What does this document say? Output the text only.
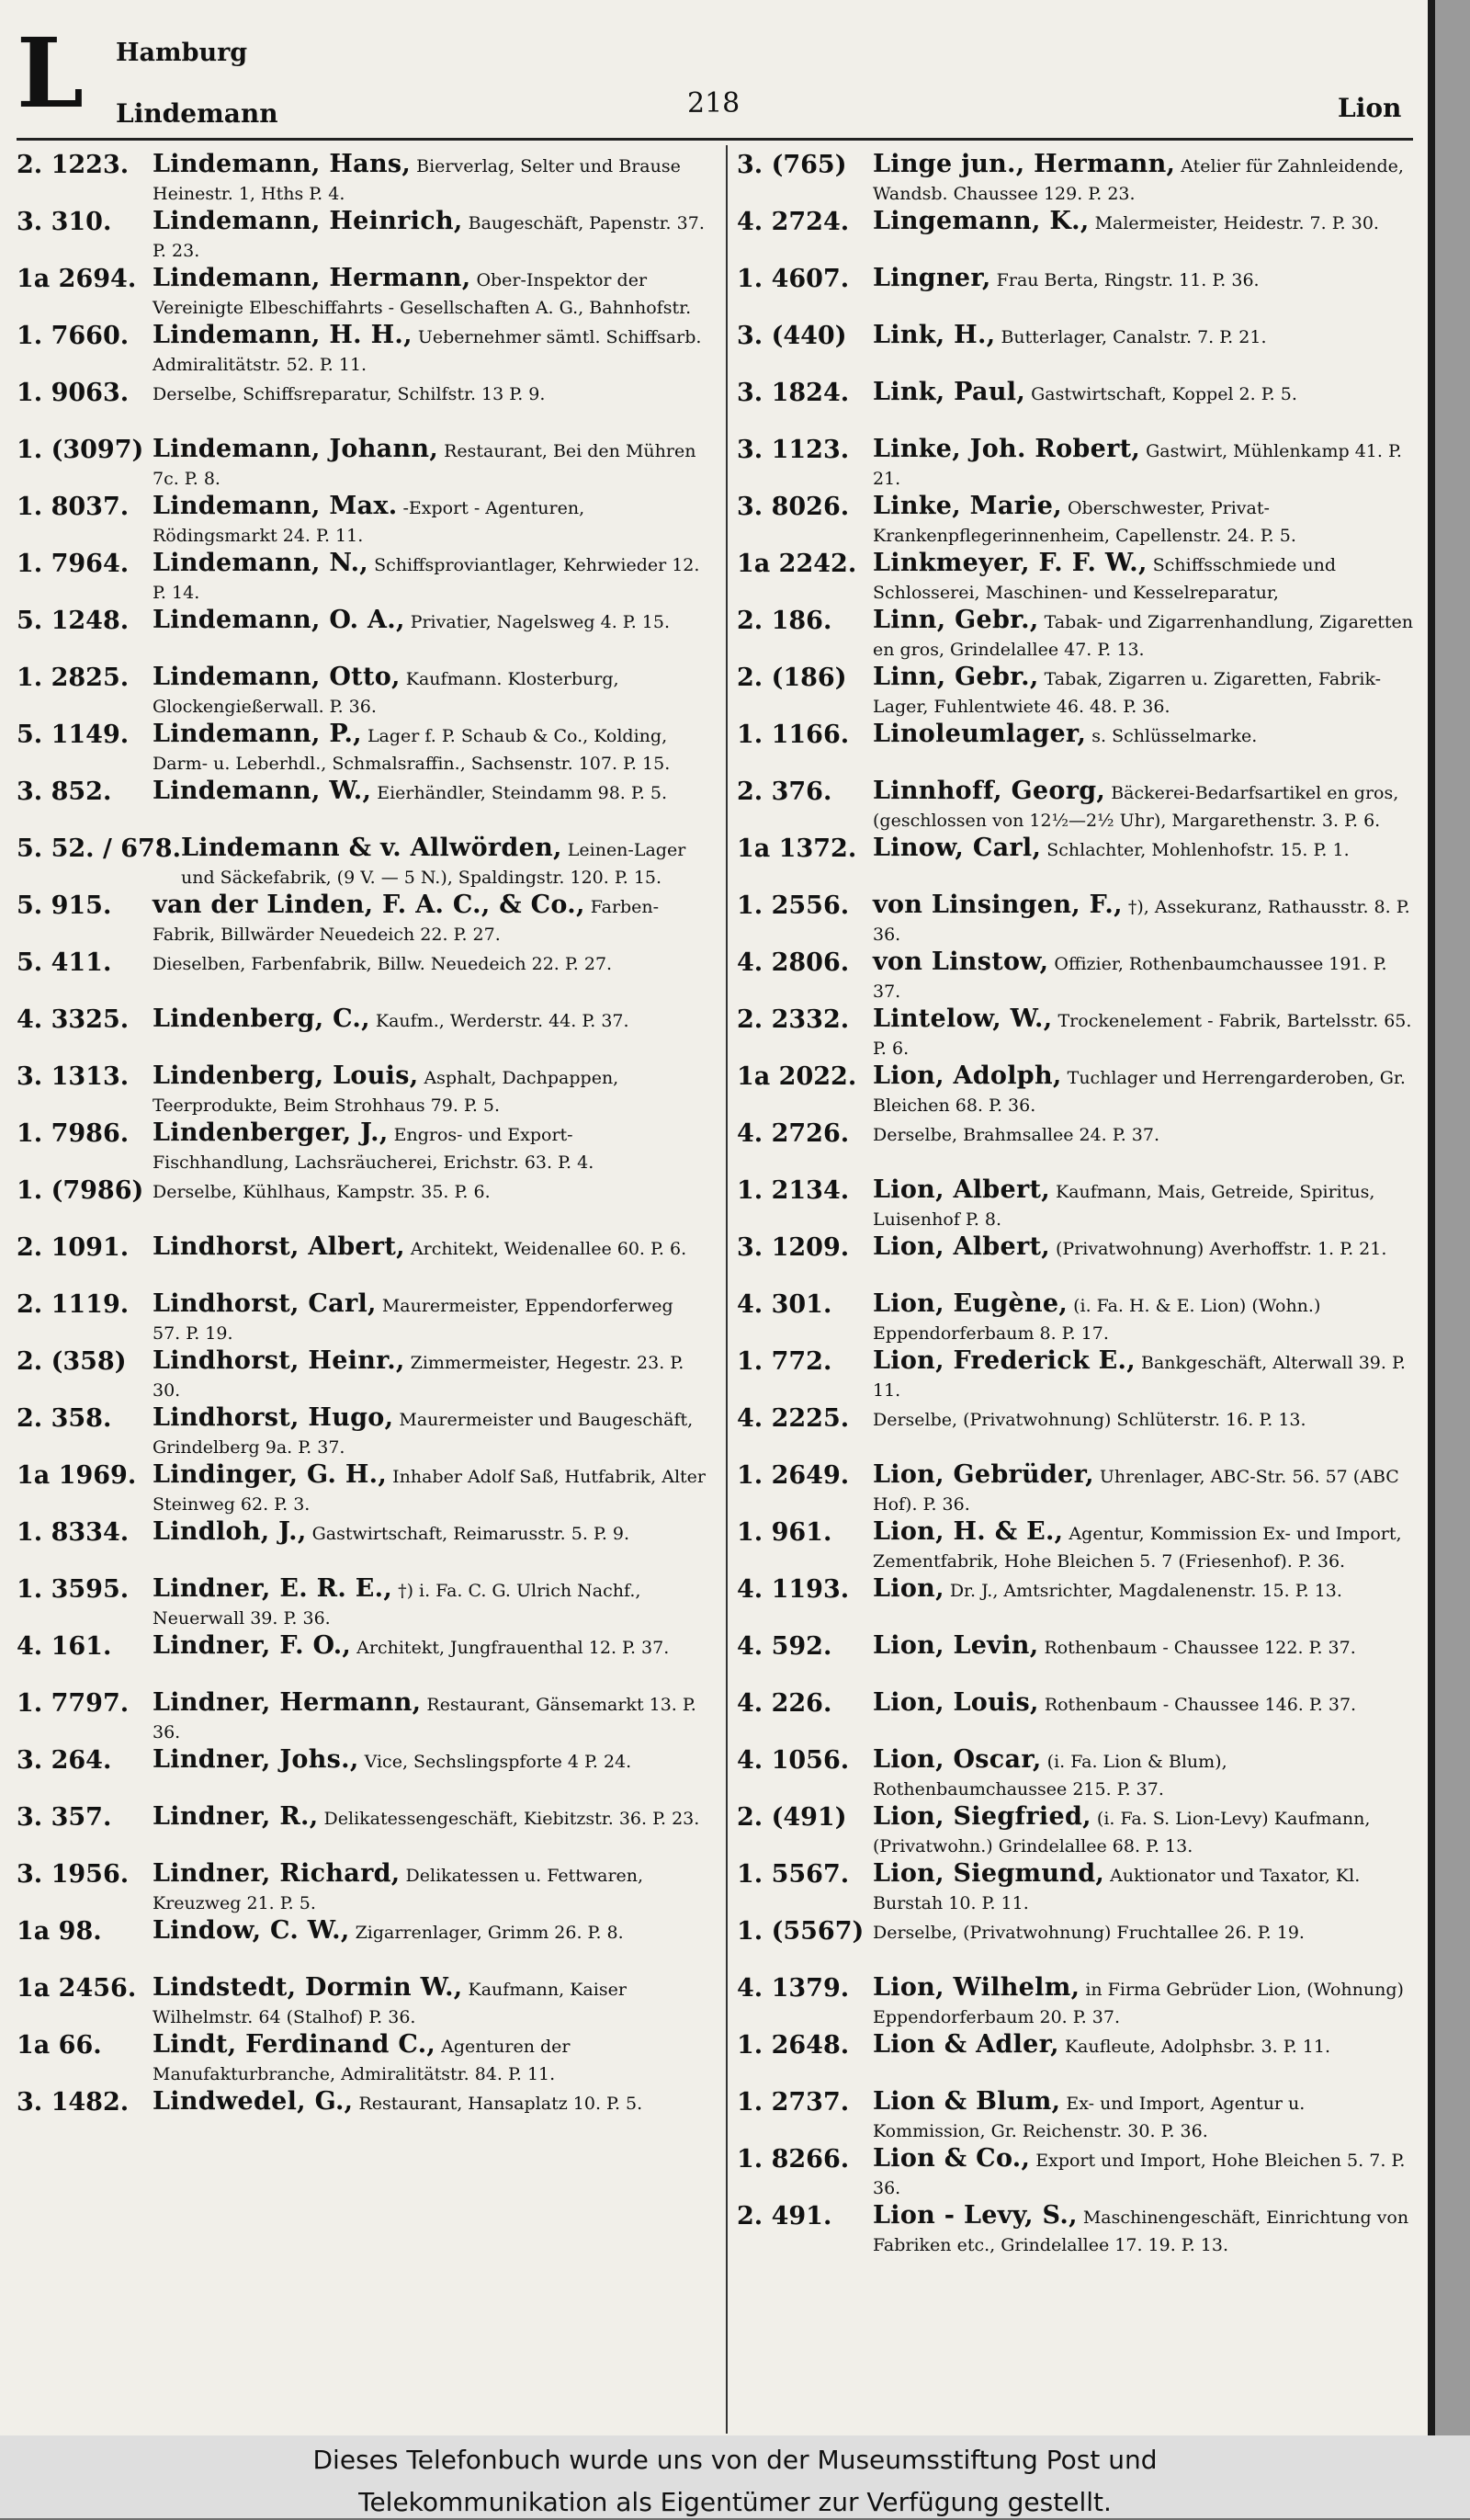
L Hamburg
Lindemann	218	Lion
2. 1223. Lindemann, Hans, Bierverlag, Selter und Brause Heinestr. 1, Hths P. 4.
3. 310.	Lindemann, Heinrich, Baugeschäft, Papenstr. 37. P. 23.
1a 2694. Lindemann, Hermann, Ober-Inspektor der Vereinigte Elbeschiffahrts - Gesellschaften A. G., Bahnhofstr.
1. 7660. Lindemann, H. H., Uebernehmer sämtl. Schiffsarb. Admiralitätstr. 52. P. 11.
1. 9063.	Derselbe, Schiffsreparatur, Schilfstr. 13 P. 9.
1. (3097) Lindemann, Johann, Restaurant, Bei den Mühren 7c. P. 8.
1. 8037. Lindemann, Max. -Export - Agenturen, Rödingsmarkt 24. P. 11.
1. 7964. Lindemann, N., Schiffsproviantlager, Kehrwieder 12. P. 14.
5. 1248. Lindemann, O. A., Privatier, Nagelsweg 4. P. 15.
1. 2825. Lindemann, Otto, Kaufmann. Klosterburg, Glockengießerwall. P. 36.
5. 1149. Lindemann, P., Lager f. P. Schaub & Co., Kolding, Darm- u. Leberhdl., Schmalsraffin., Sachsenstr. 107. P. 15.
3. 852.	Lindemann, W., Eierhändler, Steindamm 98. P. 5.
5. 52. / 678. Lindemann & v. Allwörden, Leinen-Lager und Säckefabrik, (9 V. — 5 N.), Spaldingstr. 120. P. 15.
5. 915.	van der Linden, F. A. C., & Co., Farben-Fabrik, Billwärder Neuedeich 22. P. 27.
5. 411.	Dieselben, Farbenfabrik, Billw. Neuedeich 22. P. 27.
4. 3325. Lindenberg, C., Kaufm., Werderstr. 44. P. 37.
3. 1313. Lindenberg, Louis, Asphalt, Dachpappen, Teerprodukte, Beim Strohhaus 79. P. 5.
1. 7986. Lindenberger, J., Engros- und Export-Fischhandlung, Lachsräucherei, Erichstr. 63. P. 4.
1. (7986) Derselbe, Kühlhaus, Kampstr. 35. P. 6.
2. 1091. Lindhorst, Albert, Architekt, Weidenallee 60. P. 6.
2. 1119. Lindhorst, Carl, Maurermeister, Eppendorferweg 57. P. 19.
2. (358)	Lindhorst, Heinr., Zimmermeister, Hegestr. 23. P. 30.
2. 358.	Lindhorst, Hugo, Maurermeister und Baugeschäft, Grindelberg 9a. P. 37.
1a 1969. Lindinger, G. H., Inhaber Adolf Saß, Hutfabrik, Alter Steinweg 62. P. 3.
1. 8334. Lindloh, J., Gastwirtschaft, Reimarusstr. 5. P. 9.
1. 3595. Lindner, E. R. E., †) i. Fa. C. G. Ulrich Nachf., Neuerwall 39. P. 36.
4. 161.	Lindner, F. O., Architekt, Jungfrauenthal 12. P. 37.
1. 7797. Lindner, Hermann, Restaurant, Gänsemarkt 13. P. 36.
3. 264.	Lindner, Johs., Vice, Sechslingspforte 4 P. 24.
3. 357.	Lindner, R., Delikatessengeschäft, Kiebitzstr. 36. P. 23.
3. 1956. Lindner, Richard, Delikatessen u. Fettwaren, Kreuzweg 21. P. 5.
1a 98.	Lindow, C. W., Zigarrenlager, Grimm 26. P. 8.
1a 2456. Lindstedt, Dormin W., Kaufmann, Kaiser Wilhelmstr. 64 (Stalhof) P. 36.
1a 66.	Lindt, Ferdinand C., Agenturen der Manufakturbranche, Admiralitätstr. 84. P. 11.
3. 1482. Lindwedel, G., Restaurant, Hansaplatz 10. P. 5.
3. (765)	Linge jun., Hermann, Atelier für Zahnleidende, Wandsb. Chaussee 129. P. 23.
4. 2724. Lingemann, K., Malermeister, Heidestr. 7. P. 30.
1. 4607. Lingner, Frau Berta, Ringstr. 11. P. 36.
3. (440)	Link, H., Butterlager, Canalstr. 7. P. 21.
3. 1824. Link, Paul, Gastwirtschaft, Koppel 2. P. 5.
3. 1123. Linke, Joh. Robert, Gastwirt, Mühlenkamp 41. P. 21.
3. 8026. Linke, Marie, Oberschwester, Privat-Krankenpflegerinnenheim, Capellenstr. 24. P. 5.
1a 2242. Linkmeyer, F. F. W., Schiffsschmiede und Schlosserei, Maschinen- und Kesselreparatur,
2. 186.	Linn, Gebr., Tabak- und Zigarrenhandlung, Zigaretten en gros, Grindelallee 47. P. 13.
2. (186)	Linn, Gebr., Tabak, Zigarren u. Zigaretten, Fabrik-Lager, Fuhlentwiete 46. 48. P. 36.
1. 1166. Linoleumlager, s. Schlüsselmarke.
2. 376.	Linnhoff, Georg, Bäckerei-Bedarfsartikel en gros, (geschlossen von 12½—2½ Uhr), Margarethenstr. 3. P. 6.
1a 1372. Linow, Carl, Schlachter, Mohlenhofstr. 15. P. 1.
1. 2556. von Linsingen, F., †), Assekuranz, Rathausstr. 8. P. 36.
4. 2806. von Linstow, Offizier, Rothenbaumchaussee 191. P. 37.
2. 2332. Lintelow, W., Trockenelement - Fabrik, Bartelsstr. 65. P. 6.
1a 2022. Lion, Adolph, Tuchlager und Herrengarderoben, Gr. Bleichen 68. P. 36.
4. 2726.	Derselbe, Brahmsallee 24. P. 37.
1. 2134. Lion, Albert, Kaufmann, Mais, Getreide, Spiritus, Luisenhof P. 8.
3. 1209. Lion, Albert, (Privatwohnung) Averhoffstr. 1. P. 21.
4. 301.	Lion, Eugène, (i. Fa. H. & E. Lion) (Wohn.) Eppendorferbaum 8. P. 17.
1. 772.	Lion, Frederick E., Bankgeschäft, Alterwall 39. P. 11.
4. 2225.	Derselbe, (Privatwohnung) Schlüterstr. 16. P. 13.
1. 2649. Lion, Gebrüder, Uhrenlager, ABC-Str. 56. 57 (ABC Hof). P. 36.
1. 961.	Lion, H. & E., Agentur, Kommission Ex- und Import, Zementfabrik, Hohe Bleichen 5. 7 (Friesenhof). P. 36.
4. 1193. Lion, Dr. J., Amtsrichter, Magdalenenstr. 15. P. 13.
4. 592.	Lion, Levin, Rothenbaum - Chaussee 122. P. 37.
4. 226.	Lion, Louis, Rothenbaum - Chaussee 146. P. 37.
4. 1056. Lion, Oscar, (i. Fa. Lion & Blum), Rothenbaumchaussee 215. P. 37.
2. (491)	Lion, Siegfried, (i. Fa. S. Lion-Levy) Kaufmann, (Privatwohn.) Grindelallee 68. P. 13.
1. 5567. Lion, Siegmund, Auktionator und Taxator, Kl. Burstah 10. P. 11.
1. (5567) Derselbe, (Privatwohnung) Fruchtallee 26. P. 19.
4. 1379. Lion, Wilhelm, in Firma Gebrüder Lion, (Wohnung) Eppendorferbaum 20. P. 37.
1. 2648. Lion & Adler, Kaufleute, Adolphsbr. 3. P. 11.
1. 2737. Lion & Blum, Ex- und Import, Agentur u. Kommission, Gr. Reichenstr. 30. P. 36.
1. 8266. Lion & Co., Export und Import, Hohe Bleichen 5. 7. P. 36.
2. 491.	Lion - Levy, S., Maschinengeschäft, Einrichtung von Fabriken etc., Grindelallee 17. 19. P. 13.
Dieses Telefonbuch wurde uns von der Museumsstiftung Post und
Telekommunikation als Eigentümer zur Verfügung gestellt.
